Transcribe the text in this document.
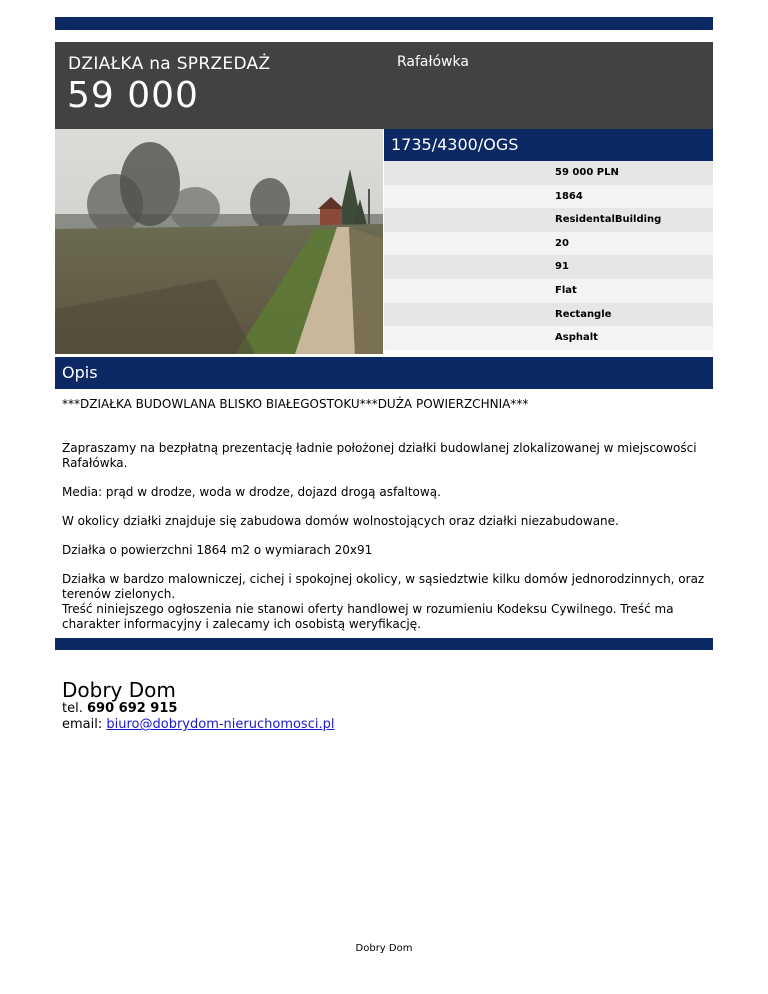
DZIAŁKA na SPRZEDAŻ
59 000
Rafałówka
1735/4300/OGS
59 000 PLN
1864
ResidentalBuilding
20
91
Flat
Rectangle
Asphalt
Opis

***DZIAŁKA BUDOWLANA BLISKO BIAŁEGOSTOKU***DUŻA POWIERZCHNIA***

Zapraszamy na bezpłatną prezentację ładnie położonej działki budowlanej zlokalizowanej w miejscowości Rafałówka.

Media: prąd w drodze, woda w drodze, dojazd drogą asfaltową.

W okolicy działki znajduje się zabudowa domów wolnostojących oraz działki niezabudowane.

Działka o powierzchni 1864 m2 o wymiarach 20x91

Działka w bardzo malowniczej, cichej i spokojnej okolicy, w sąsiedztwie kilku domów jednorodzinnych, oraz terenów zielonych.

Treść niniejszego ogłoszenia nie stanowi oferty handlowej w rozumieniu Kodeksu Cywilnego. Treść ma charakter informacyjny i zalecamy ich osobistą weryfikację.

Dobry Dom
tel. 690 692 915
email: biuro@dobrydom-nieruchomosci.pl
Dobry Dom
